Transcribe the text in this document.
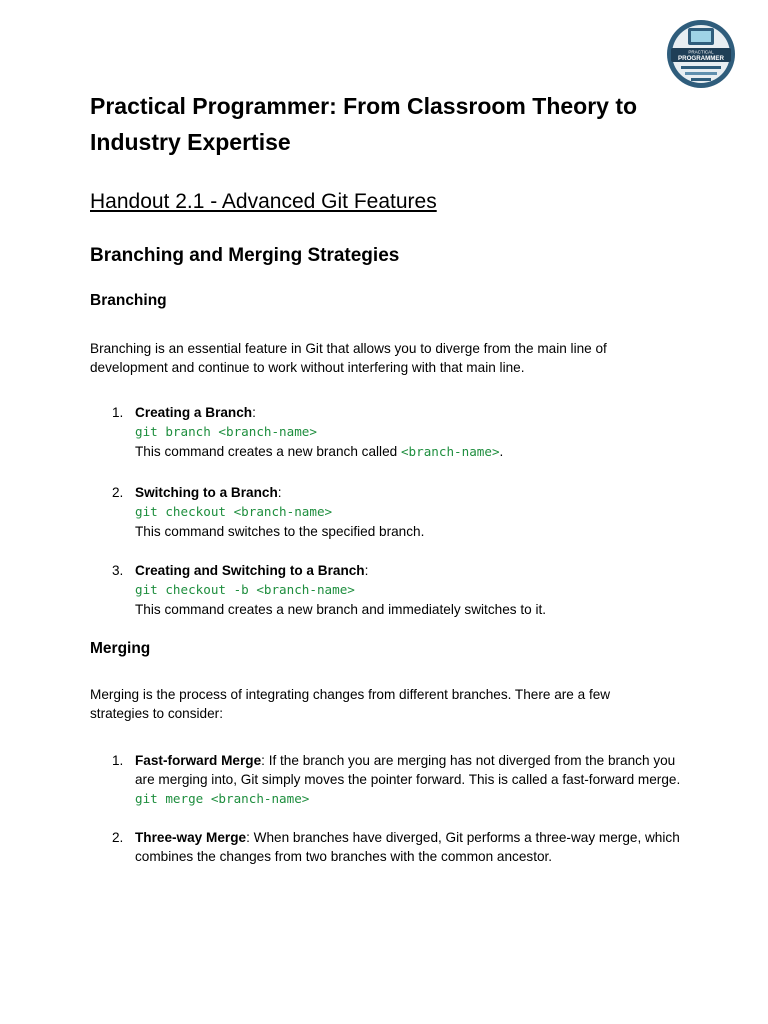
PRACTICAL
PROGRAMMER
Practical Programmer: From Classroom Theory to Industry Expertise
Handout 2.1 - Advanced Git Features
Branching and Merging Strategies
Branching

Branching is an essential feature in Git that allows you to diverge from the main line of development and continue to work without interfering with that main line.

1. Creating a Branch:
git branch <branch-name>
This command creates a new branch called <branch-name>.
2. Switching to a Branch:
git checkout <branch-name>
This command switches to the specified branch.
3. Creating and Switching to a Branch:
git checkout -b <branch-name>
This command creates a new branch and immediately switches to it.
Merging

Merging is the process of integrating changes from different branches. There are a few strategies to consider:

1. Fast-forward Merge: If the branch you are merging has not diverged from the branch you are merging into, Git simply moves the pointer forward. This is called a fast-forward merge.
git merge <branch-name>
2. Three-way Merge: When branches have diverged, Git performs a three-way merge, which combines the changes from two branches with the common ancestor.
